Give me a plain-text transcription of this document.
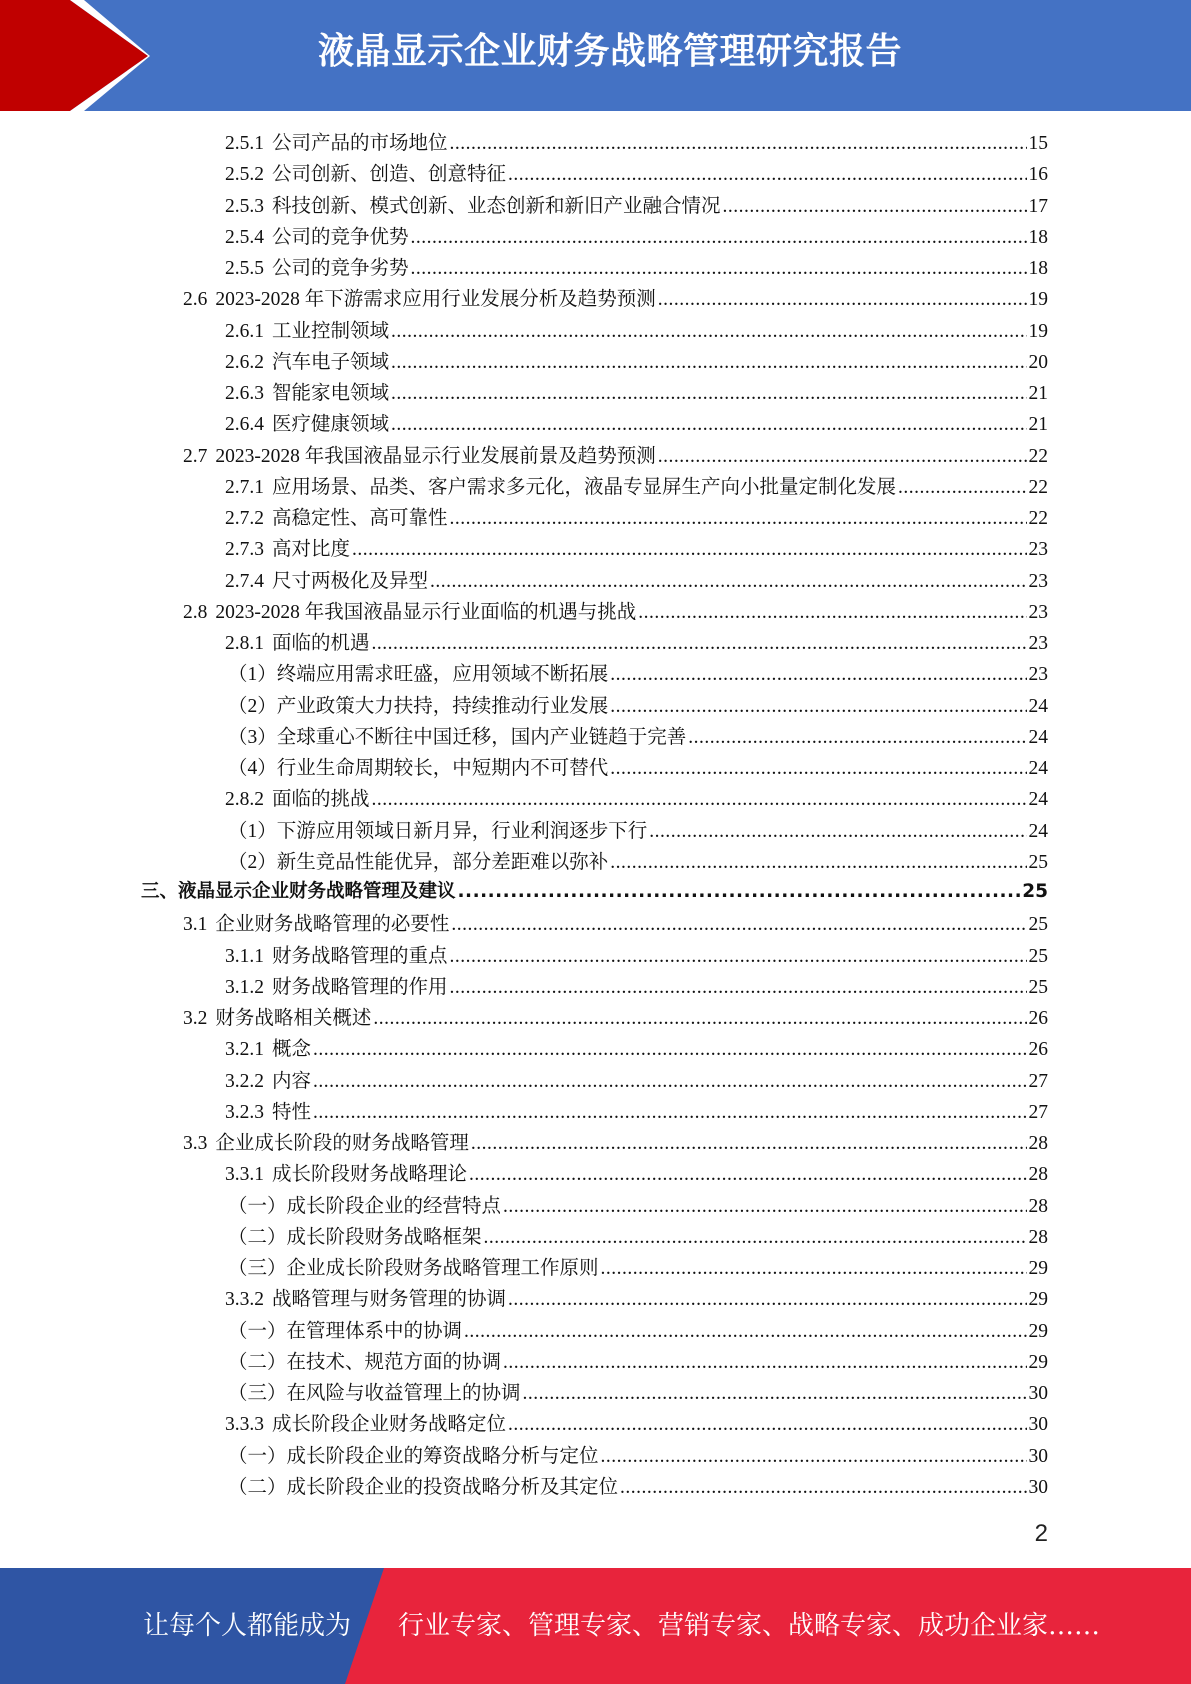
液晶显示企业财务战略管理研究报告
2.5.1 公司产品的市场地位 .....	15
2.5.2 公司创新、创造、创意特征 .....	16
2.5.3 科技创新、模式创新、业态创新和新旧产业融合情况 .....	17
2.5.4 公司的竞争优势 .....	18
2.5.5 公司的竞争劣势 .....	18
2.6 2023-2028 年下游需求应用行业发展分析及趋势预测 .....	19
2.6.1 工业控制领域 .....	19
2.6.2 汽车电子领域 .....	20
2.6.3 智能家电领域 .....	21
2.6.4 医疗健康领域 .....	21
2.7 2023-2028 年我国液晶显示行业发展前景及趋势预测 .....	22
2.7.1 应用场景、品类、客户需求多元化，液晶专显屏生产向小批量定制化发展 .....	22
2.7.2 高稳定性、高可靠性 .....	22
2.7.3 高对比度 .....	23
2.7.4 尺寸两极化及异型 .....	23
2.8 2023-2028 年我国液晶显示行业面临的机遇与挑战 .....	23
2.8.1 面临的机遇 .....	23
（1）终端应用需求旺盛，应用领域不断拓展 .....	23
（2）产业政策大力扶持，持续推动行业发展 .....	24
（3）全球重心不断往中国迁移，国内产业链趋于完善 .....	24
（4）行业生命周期较长，中短期内不可替代 .....	24
2.8.2 面临的挑战 .....	24
（1）下游应用领域日新月异，行业利润逐步下行 .....	24
（2）新生竞品性能优异，部分差距难以弥补 .....	25
三、液晶显示企业财务战略管理及建议 .....	25
3.1 企业财务战略管理的必要性 .....	25
3.1.1 财务战略管理的重点 .....	25
3.1.2 财务战略管理的作用 .....	25
3.2 财务战略相关概述 .....	26
3.2.1 概念 .....	26
3.2.2 内容 .....	27
3.2.3 特性 .....	27
3.3 企业成长阶段的财务战略管理 .....	28
3.3.1 成长阶段财务战略理论 .....	28
（一）成长阶段企业的经营特点 .....	28
（二）成长阶段财务战略框架 .....	28
（三）企业成长阶段财务战略管理工作原则 .....	29
3.3.2 战略管理与财务管理的协调 .....	29
（一）在管理体系中的协调 .....	29
（二）在技术、规范方面的协调 .....	29
（三）在风险与收益管理上的协调 .....	30
3.3.3 成长阶段企业财务战略定位 .....	30
（一）成长阶段企业的筹资战略分析与定位 .....	30
（二）成长阶段企业的投资战略分析及其定位 .....	30
2
让每个人都能成为 行业专家、管理专家、营销专家、战略专家、成功企业家……
